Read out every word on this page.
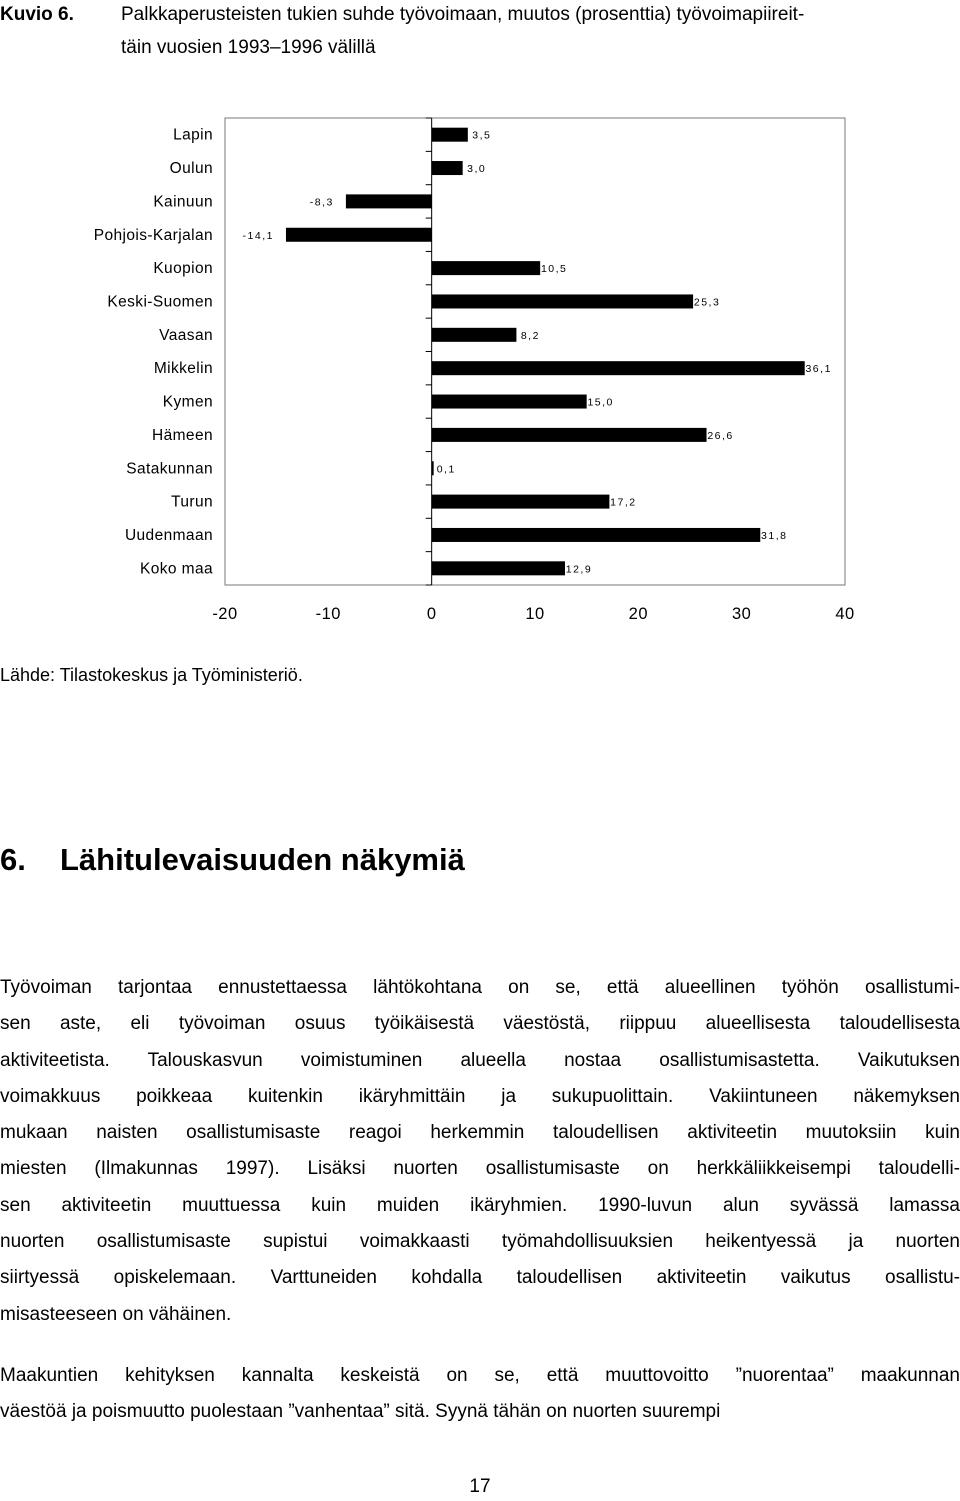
Kuvio 6. Palkkaperusteisten tukien suhde työvoimaan, muutos (prosenttia) työvoimapiireit-
täin vuosien 1993–1996 välillä
Lapin	3,5
Oulun	3,0
Kainuun	-8,3
Pohjois-Karjalan	-14,1
Kuopion	10,5
Keski-Suomen	25,3
Vaasan	8,2
Mikkelin	36,1
Kymen	15,0
Hämeen	26,6
Satakunnan	0,1
Turun	17,2
Uudenmaan	31,8
Koko maa	12,9
-20	-10	0	10	20	30	40
Lähde: Tilastokeskus ja Työministeriö.
6. Lähitulevaisuuden näkymiä
Työvoiman tarjontaa ennustettaessa lähtökohtana on se, että alueellinen työhön osallistumi-
sen aste, eli työvoiman osuus työikäisestä väestöstä, riippuu alueellisesta taloudellisesta
aktiviteetista. Talouskasvun voimistuminen alueella nostaa osallistumisastetta. Vaikutuksen
voimakkuus poikkeaa kuitenkin ikäryhmittäin ja sukupuolittain. Vakiintuneen näkemyksen
mukaan naisten osallistumisaste reagoi herkemmin taloudellisen aktiviteetin muutoksiin kuin
miesten (Ilmakunnas 1997). Lisäksi nuorten osallistumisaste on herkkäliikkeisempi taloudelli-
sen aktiviteetin muuttuessa kuin muiden ikäryhmien. 1990-luvun alun syvässä lamassa
nuorten osallistumisaste supistui voimakkaasti työmahdollisuuksien heikentyessä ja nuorten
siirtyessä opiskelemaan. Varttuneiden kohdalla taloudellisen aktiviteetin vaikutus osallistu-
misasteeseen on vähäinen.
Maakuntien kehityksen kannalta keskeistä on se, että muuttovoitto ”nuorentaa” maakunnan
väestöä ja poismuutto puolestaan ”vanhentaa” sitä. Syynä tähän on nuorten suurempi
17
